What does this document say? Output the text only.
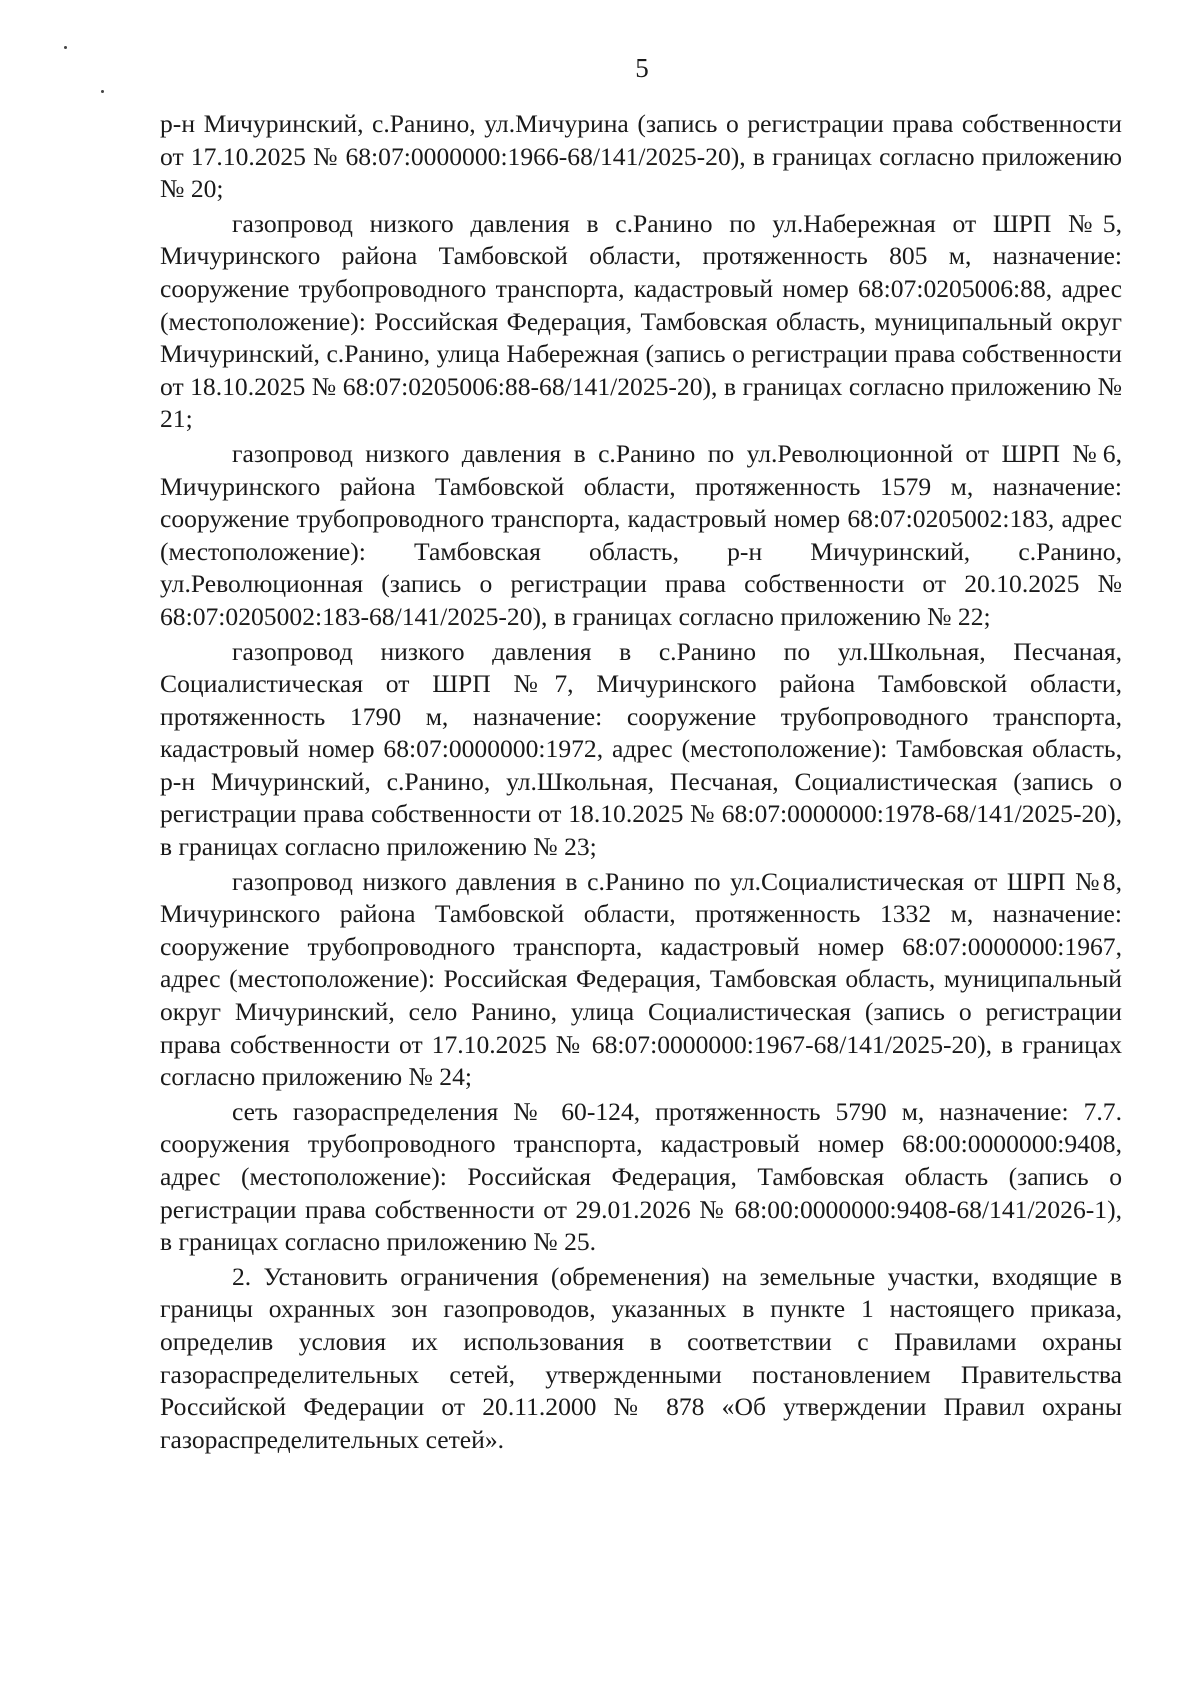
5

р-н Мичуринский, с.Ранино, ул.Мичурина (запись о регистрации права собственности от 17.10.2025 № 68:07:0000000:1966-68/141/2025-20), в границах согласно приложению № 20;

газопровод низкого давления в с.Ранино по ул.Набережная от ШРП №5, Мичуринского района Тамбовской области, протяженность 805 м, назначение: сооружение трубопроводного транспорта, кадастровый номер 68:07:0205006:88, адрес (местоположение): Российская Федерация, Тамбовская область, муниципальный округ Мичуринский, с.Ранино, улица Набережная (запись о регистрации права собственности от 18.10.2025 № 68:07:0205006:88-68/141/2025-20), в границах согласно приложению № 21;

газопровод низкого давления в с.Ранино по ул.Революционной от ШРП №6, Мичуринского района Тамбовской области, протяженность 1579 м, назначение: сооружение трубопроводного транспорта, кадастровый номер 68:07:0205002:183, адрес (местоположение): Тамбовская область, р-н Мичуринский, с.Ранино, ул.Революционная (запись о регистрации права собственности от 20.10.2025 № 68:07:0205002:183-68/141/2025-20), в границах согласно приложению № 22;

газопровод низкого давления в с.Ранино по ул.Школьная, Песчаная, Социалистическая от ШРП №7, Мичуринского района Тамбовской области, протяженность 1790 м, назначение: сооружение трубопроводного транспорта, кадастровый номер 68:07:0000000:1972, адрес (местоположение): Тамбовская область, р-н Мичуринский, с.Ранино, ул.Школьная, Песчаная, Социалистическая (запись о регистрации права собственности от 18.10.2025 № 68:07:0000000:1978-68/141/2025-20), в границах согласно приложению № 23;

газопровод низкого давления в с.Ранино по ул.Социалистическая от ШРП №8, Мичуринского района Тамбовской области, протяженность 1332 м, назначение: сооружение трубопроводного транспорта, кадастровый номер 68:07:0000000:1967, адрес (местоположение): Российская Федерация, Тамбовская область, муниципальный округ Мичуринский, село Ранино, улица Социалистическая (запись о регистрации права собственности от 17.10.2025 № 68:07:0000000:1967-68/141/2025-20), в границах согласно приложению № 24;

сеть газораспределения № 60-124, протяженность 5790 м, назначение: 7.7. сооружения трубопроводного транспорта, кадастровый номер 68:00:0000000:9408, адрес (местоположение): Российская Федерация, Тамбовская область (запись о регистрации права собственности от 29.01.2026 № 68:00:0000000:9408-68/141/2026-1), в границах согласно приложению № 25.

2. Установить ограничения (обременения) на земельные участки, входящие в границы охранных зон газопроводов, указанных в пункте 1 настоящего приказа, определив условия их использования в соответствии с Правилами охраны газораспределительных сетей, утвержденными постановлением Правительства Российской Федерации от 20.11.2000 № 878 «Об утверждении Правил охраны газораспределительных сетей».
